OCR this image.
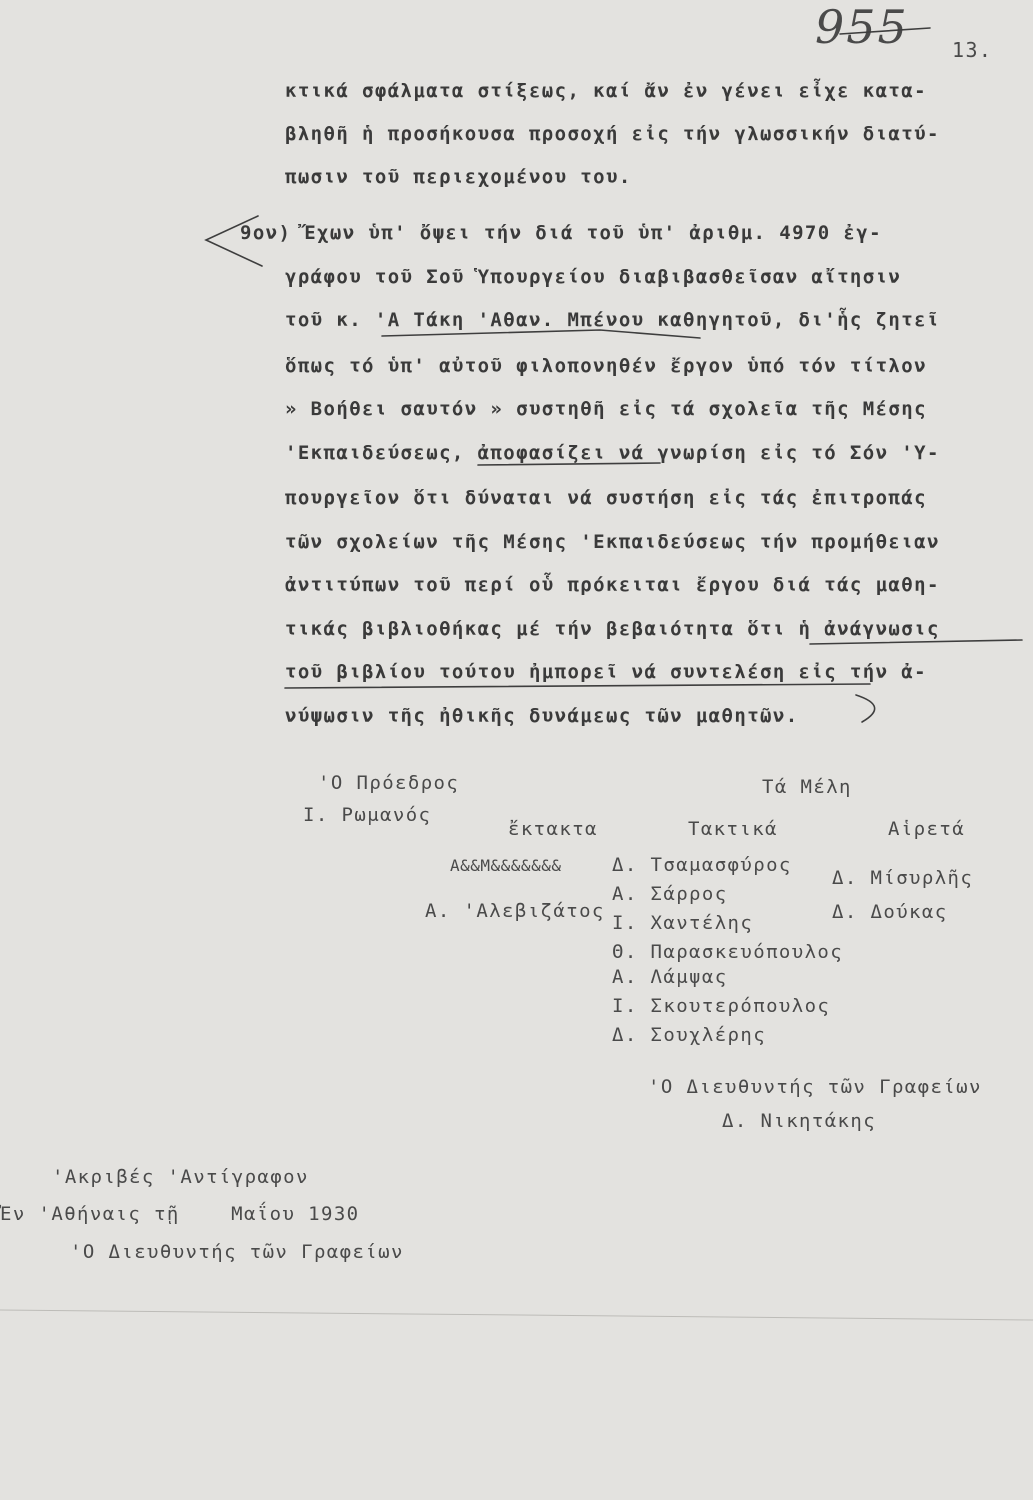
955 13.
κτικά σφάλματα στίξεως, καί ἄν ἐν γένει εἶχε κατα-
βληθῆ ἡ προσήκουσα προσοχή εἰς τήν γλωσσικήν διατύ-
πωσιν τοῦ περιεχομένου του.
9ον) Ἔχων ὑπ' ὄψει τήν διά τοῦ ὑπ' ἀριθμ. 4970 ἐγ-
γράφου τοῦ Σοῦ Ὑπουργείου διαβιβασθεῖσαν αἴτησιν
τοῦ κ. 'Α Τάκη 'Αθαν. Μπένου καθηγητοῦ, δι'ἧς ζητεῖ
ὅπως τό ὑπ' αὐτοῦ φιλοπονηθέν ἔργον ὑπό τόν τίτλον
» Βοήθει σαυτόν » συστηθῆ εἰς τά σχολεῖα τῆς Μέσης
'Εκπαιδεύσεως, ἀποφασίζει νά γνωρίση εἰς τό Σόν 'Υ-
πουργεῖον ὅτι δύναται νά συστήση εἰς τάς ἐπιτροπάς
τῶν σχολείων τῆς Μέσης 'Εκπαιδεύσεως τήν προμήθειαν
ἀντιτύπων τοῦ περί οὗ πρόκειται ἔργου διά τάς μαθη-
τικάς βιβλιοθήκας μέ τήν βεβαιότητα ὅτι ἡ ἀνάγνωσις
τοῦ βιβλίου τούτου ἠμπορεῖ νά συντελέση εἰς τήν ἀ-
νύψωσιν τῆς ἠθικῆς δυνάμεως τῶν μαθητῶν.
'Ο Πρόεδρος
Ι. Ρωμανός
Τά Μέλη
ἔκτακτα	Τακτικά	Αἱρετά
Α&&Μ&&&&&&&
Α. 'Αλεβιζάτος
Δ. Τσαμασφύρος
Α. Σάρρος
Ι. Χαντέλης
Θ. Παρασκευόπουλος
Α. Λάμψας
Ι. Σκουτερόπουλος
Δ. Σουχλέρης
Δ. Μίσυρλῆς
Δ. Δούκας
'Ο Διευθυντής τῶν Γραφείων
Δ. Νικητάκης
'Ακριβές 'Αντίγραφον
Ἐν 'Αθήναις τῇ    Μαΐου 1930
'Ο Διευθυντής τῶν Γραφείων
